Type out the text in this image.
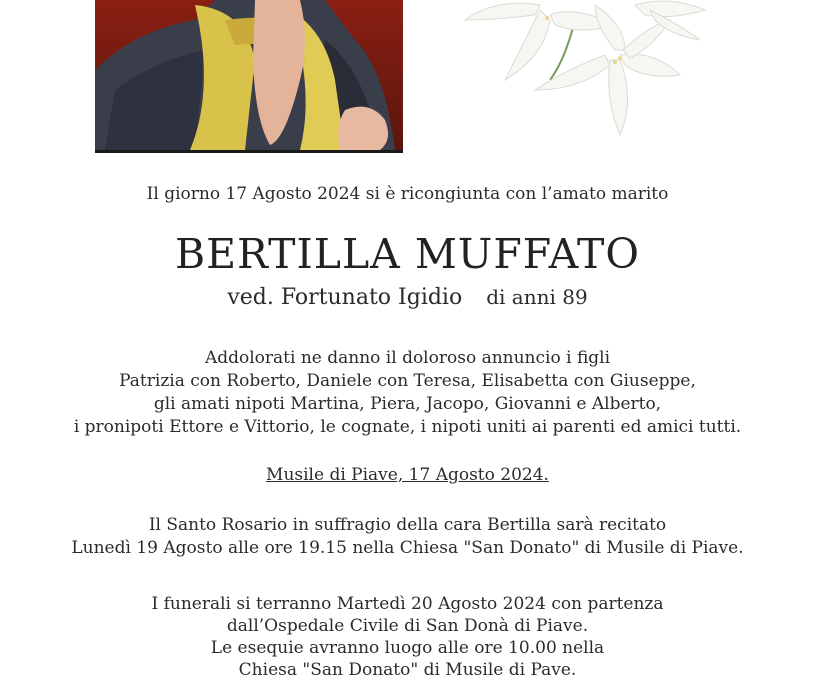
Il giorno 17 Agosto 2024 si è ricongiunta con l’amato marito
BERTILLA MUFFATO
ved. Fortunato Igidio di anni 89
Addolorati ne danno il doloroso annuncio i figli
Patrizia con Roberto, Daniele con Teresa, Elisabetta con Giuseppe,
gli amati nipoti Martina, Piera, Jacopo, Giovanni e Alberto,
i pronipoti Ettore e Vittorio, le cognate, i nipoti uniti ai parenti ed amici tutti.
Musile di Piave, 17 Agosto 2024.
Il Santo Rosario in suffragio della cara Bertilla sarà recitato
Lunedì 19 Agosto alle ore 19.15 nella Chiesa "San Donato" di Musile di Piave.
I funerali si terranno Martedì 20 Agosto 2024 con partenza
dall’Ospedale Civile di San Donà di Piave.
Le esequie avranno luogo alle ore 10.00 nella
Chiesa "San Donato" di Musile di Pave.
